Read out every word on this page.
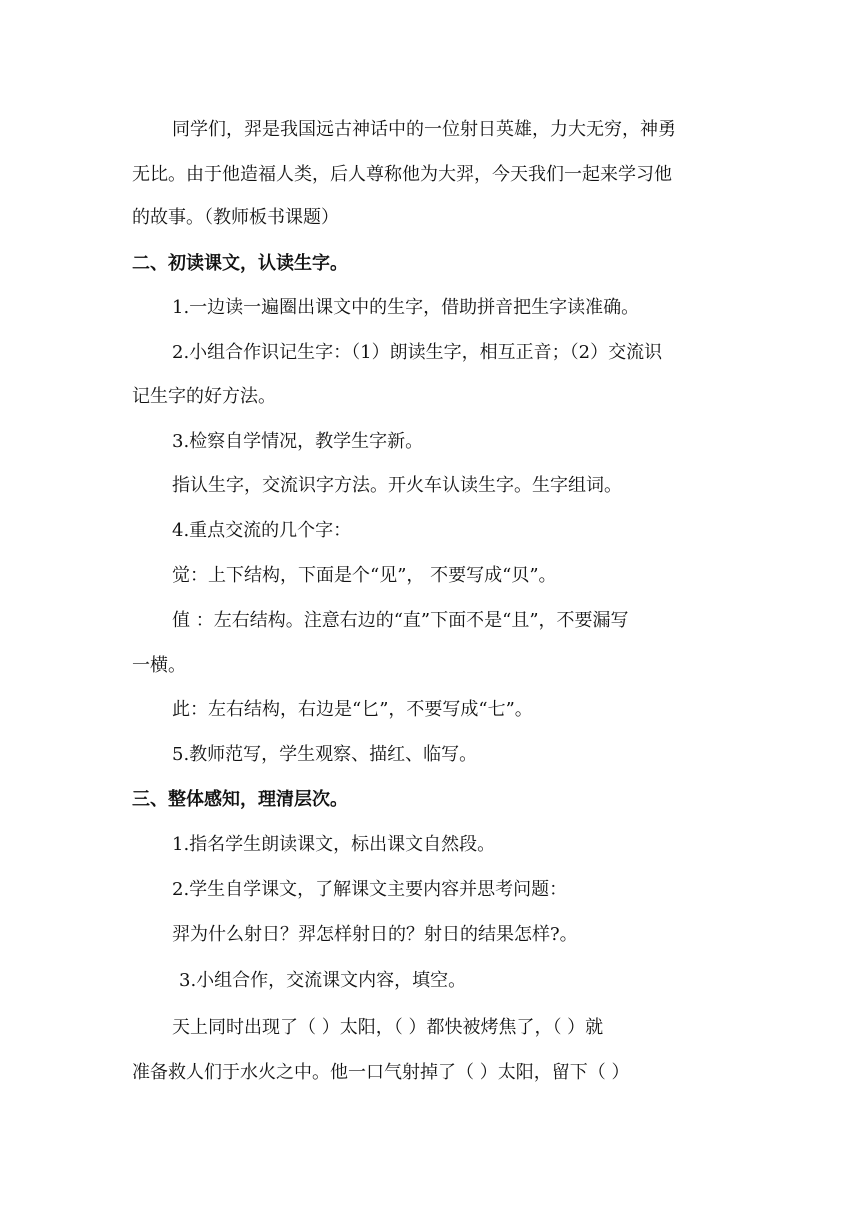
同学们，羿是我国远古神话中的一位射日英雄，力大无穷，神勇
无比。由于他造福人类，后人尊称他为大羿，今天我们一起来学习他
的故事。（教师板书课题）
二、初读课文，认读生字。
1.一边读一遍圈出课文中的生字，借助拼音把生字读准确。
2.小组合作识记生字：（1）朗读生字，相互正音；（2）交流识
记生字的好方法。
3.检察自学情况，教学生字新。
指认生字，交流识字方法。开火车认读生字。生字组词。
4.重点交流的几个字：
觉：上下结构，下面是个“见”， 不要写成“贝”。
值 ：左右结构。注意右边的“直”下面不是“且”，不要漏写
一横。
此：左右结构，右边是“匕”，不要写成“七”。
5.教师范写，学生观察、描红、临写。
三、整体感知，理清层次。
1.指名学生朗读课文，标出课文自然段。
2.学生自学课文，了解课文主要内容并思考问题：
羿为什么射日？羿怎样射日的？射日的结果怎样?。
3.小组合作，交流课文内容，填空。
天上同时出现了（ ）太阳，（ ）都快被烤焦了，（ ）就
准备救人们于水火之中。他一口气射掉了（ ）太阳，留下（ ）
